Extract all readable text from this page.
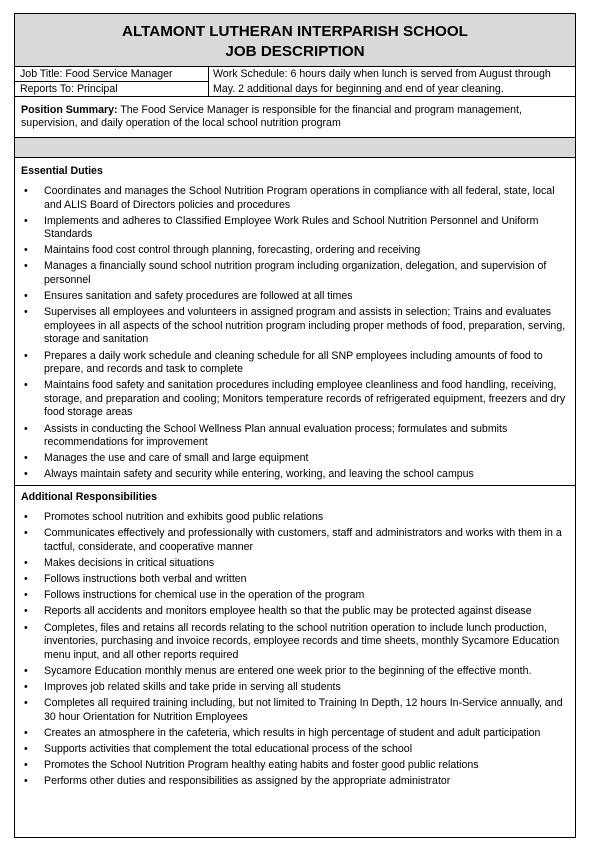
ALTAMONT LUTHERAN INTERPARISH SCHOOL
JOB DESCRIPTION
Job Title: Food Service Manager
Reports To: Principal
Work Schedule: 6 hours daily when lunch is served from August through May. 2 additional days for beginning and end of year cleaning.
Position Summary: The Food Service Manager is responsible for the financial and program management, supervision, and daily operation of the local school nutrition program
Essential Duties
• Coordinates and manages the School Nutrition Program operations in compliance with all federal, state, local and ALIS Board of Directors policies and procedures
• Implements and adheres to Classified Employee Work Rules and School Nutrition Personnel and Uniform Standards
• Maintains food cost control through planning, forecasting, ordering and receiving
• Manages a financially sound school nutrition program including organization, delegation, and supervision of personnel
• Ensures sanitation and safety procedures are followed at all times
• Supervises all employees and volunteers in assigned program and assists in selection; Trains and evaluates employees in all aspects of the school nutrition program including proper methods of food, preparation, serving, storage and sanitation
• Prepares a daily work schedule and cleaning schedule for all SNP employees including amounts of food to prepare, and records and task to complete
• Maintains food safety and sanitation procedures including employee cleanliness and food handling, receiving, storage, and preparation and cooling; Monitors temperature records of refrigerated equipment, freezers and dry food storage areas
• Assists in conducting the School Wellness Plan annual evaluation process; formulates and submits recommendations for improvement
• Manages the use and care of small and large equipment
• Always maintain safety and security while entering, working, and leaving the school campus
Additional Responsibilities
• Promotes school nutrition and exhibits good public relations
• Communicates effectively and professionally with customers, staff and administrators and works with them in a tactful, considerate, and cooperative manner
• Makes decisions in critical situations
• Follows instructions both verbal and written
• Follows instructions for chemical use in the operation of the program
• Reports all accidents and monitors employee health so that the public may be protected against disease
• Completes, files and retains all records relating to the school nutrition operation to include lunch production, inventories, purchasing and invoice records, employee records and time sheets, monthly Sycamore Education menu input, and all other reports required
• Sycamore Education monthly menus are entered one week prior to the beginning of the effective month.
• Improves job related skills and take pride in serving all students
• Completes all required training including, but not limited to Training In Depth, 12 hours In-Service annually, and 30 hour Orientation for Nutrition Employees
• Creates an atmosphere in the cafeteria, which results in high percentage of student and adult participation
• Supports activities that complement the total educational process of the school
• Promotes the School Nutrition Program healthy eating habits and foster good public relations
• Performs other duties and responsibilities as assigned by the appropriate administrator
